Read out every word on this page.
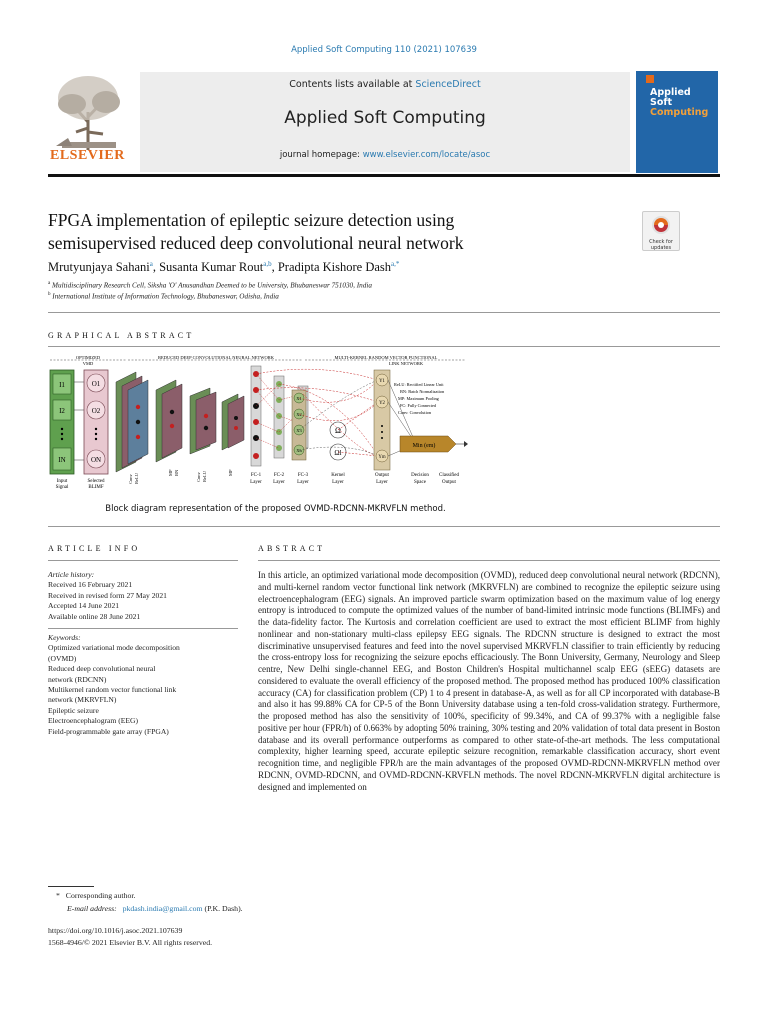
Applied Soft Computing 110 (2021) 107639
ELSEVIER
Contents lists available at ScienceDirect
Applied Soft Computing
journal homepage: www.elsevier.com/locate/asoc
Applied
Soft
Computing
FPGA implementation of epileptic seizure detection using
semisupervised reduced deep convolutional neural network	Check for
updates
Mrutyunjaya Sahani$^a$, Susanta Kumar Rout$^{a,b}$, Pradipta Kishore Dash$^{a,*}$
$^a$ Multidisciplinary Research Cell, Siksha 'O' Anusandhan Deemed to be University, Bhubaneswar 751030, India
$^b$ International Institute of Information Technology, Bhubaneswar, Odisha, India
GRAPHICAL ABSTRACT
OPTIMIZED
VMD
REDUCED DEEP CONVOLUTIONAL NEURAL NETWORK	MULTI-KERNEL RANDOM VECTOR FUNCTIONAL
LINK NETWORK
I1
I2
IN
Input
Signal
O1
O2
ON
Selected
BLIMF
Conv ReLU
MP BN	Conv ReLU	MP	FC-1
Layer
FC-2
Layer
FC-3
Layer
X1
X2
X3
Xn
Ω
Ωl
Kernel
Layer
Y1
Y2
Ym
Output
Layer
ReLU: Rectified Linear Unit
BN: Batch Normalization
MP: Maximum Pooling
FC: Fully Connected
Conv: Convolution
Min (em)
Decision
Space
Classified
Output
Block diagram representation of the proposed OVMD-RDCNN-MKRVFLN method.
ARTICLE INFO
Article history:
Received 16 February 2021
Received in revised form 27 May 2021
Accepted 14 June 2021
Available online 28 June 2021
Keywords:
Optimized variational mode decomposition
(OVMD)
Reduced deep convolutional neural
network (RDCNN)
Multikernel random vector functional link
network (MKRVFLN)
Epileptic seizure
Electroencephalogram (EEG)
Field-programmable gate array (FPGA)
ABSTRACT
In this article, an optimized variational mode decomposition (OVMD), reduced deep convolutional neural network (RDCNN), and multi-kernel random vector functional link network (MKRVFLN) are combined to recognize the epileptic seizure using electroencephalogram (EEG) signals. An improved particle swarm optimization based on the maximum value of log energy entropy is introduced to compute the optimized values of the number of band-limited intrinsic mode functions (BLIMFs) and the data-fidelity factor. The Kurtosis and correlation coefficient are used to extract the most efficient BLIMF from highly nonlinear and non-stationary multi-class epilepsy EEG signals. The RDCNN structure is designed to extract the most discriminative unsupervised features and feed into the novel supervised MKRVFLN classifier to train efficiently by reducing the cross-entropy loss for recognizing the seizure epochs efficaciously. The Bonn University, Germany, Neurology and Sleep centre, New Delhi single-channel EEG, and Boston Children's Hospital multichannel scalp EEG (sEEG) datasets are considered to evaluate the overall efficiency of the proposed method. The proposed method has produced 100% classification accuracy (CA) for classification problem (CP) 1 to 4 present in database-A, as well as for all CP incorporated with database-B and also it has 99.88% CA for CP-5 of the Bonn University database using a ten-fold cross-validation strategy. Furthermore, the proposed method has also the sensitivity of 100%, specificity of 99.34%, and CA of 99.37% with a negligible false positive per hour (FPR/h) of 0.663% by adopting 50% training, 30% testing and 20% validation of total data present in Boston database and its overall performance outperforms as compared to other state-of-the-art methods. The less computational complexity, higher learning speed, accurate epileptic seizure recognition, remarkable classification accuracy, short event recognition time, and negligible FPR/h are the main advantages of the proposed OVMD-RDCNN-MKRVFLN method over RDCNN, OVMD-RDCNN, and OVMD-RDCNN-KRVFLN methods. The novel RDCNN-MKRVFLN digital architecture is designed and implemented on
* Corresponding author.
E-mail address: pkdash.india@gmail.com (P.K. Dash).
https://doi.org/10.1016/j.asoc.2021.107639
1568-4946/© 2021 Elsevier B.V. All rights reserved.
